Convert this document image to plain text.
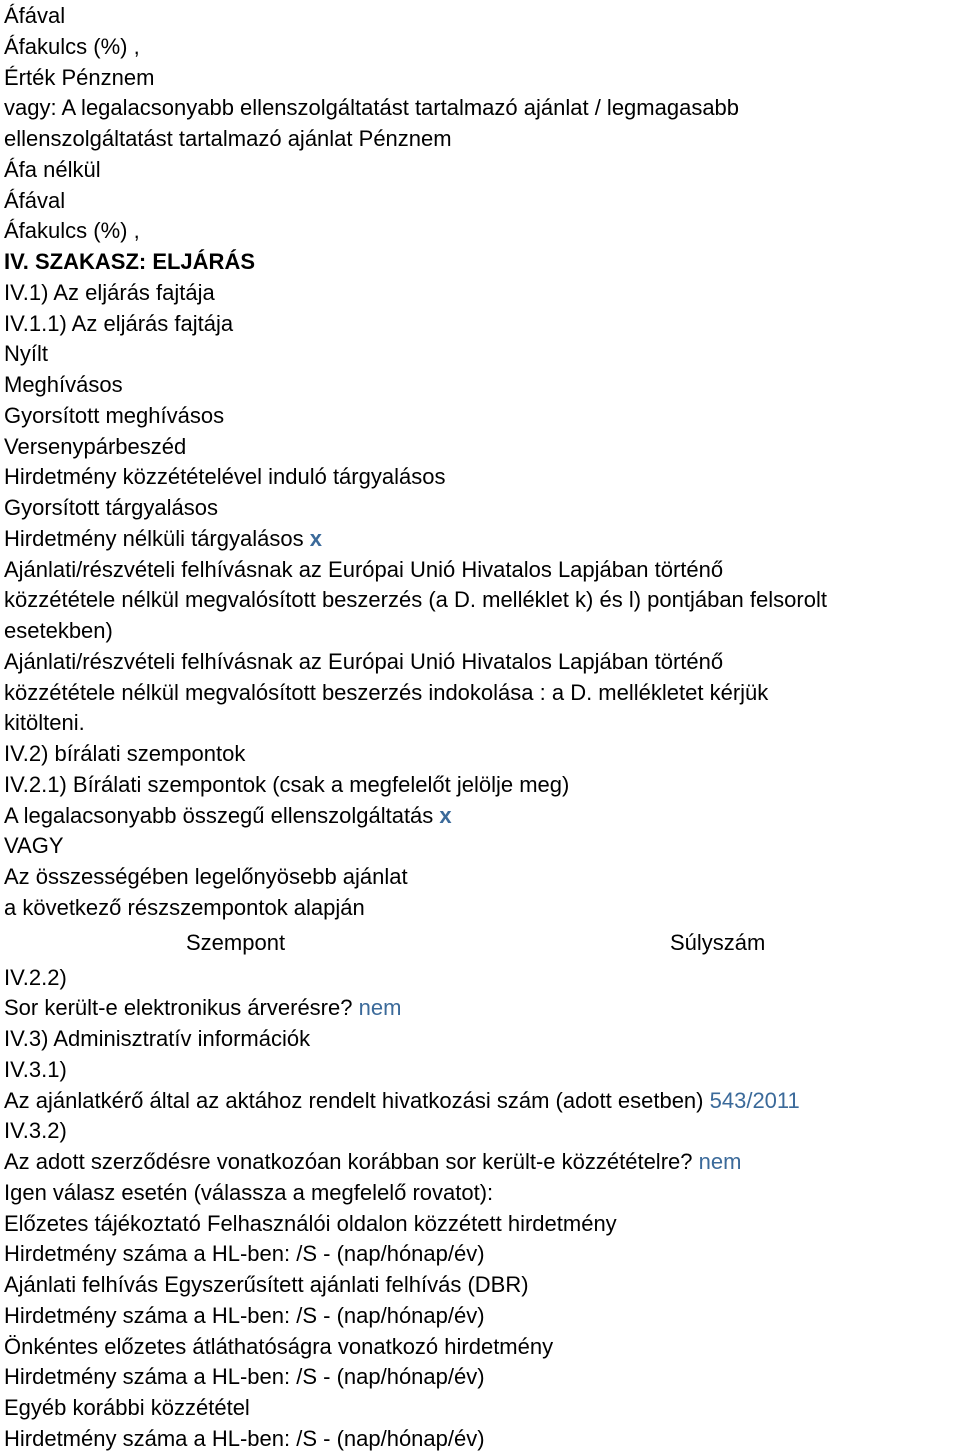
Áfával
Áfakulcs (%) ,
Érték Pénznem
vagy: A legalacsonyabb ellenszolgáltatást tartalmazó ajánlat / legmagasabb
ellenszolgáltatást tartalmazó ajánlat Pénznem
Áfa nélkül
Áfával
Áfakulcs (%) ,
IV. SZAKASZ: ELJÁRÁS
IV.1) Az eljárás fajtája
IV.1.1) Az eljárás fajtája
Nyílt
Meghívásos
Gyorsított meghívásos
Versenypárbeszéd
Hirdetmény közzétételével induló tárgyalásos
Gyorsított tárgyalásos
Hirdetmény nélküli tárgyalásos x
Ajánlati/részvételi felhívásnak az Európai Unió Hivatalos Lapjában történő
közzététele nélkül megvalósított beszerzés (a D. melléklet k) és l) pontjában felsorolt
esetekben)
Ajánlati/részvételi felhívásnak az Európai Unió Hivatalos Lapjában történő
közzététele nélkül megvalósított beszerzés indokolása : a D. mellékletet kérjük
kitölteni.
IV.2) bírálati szempontok
IV.2.1) Bírálati szempontok (csak a megfelelőt jelölje meg)
A legalacsonyabb összegű ellenszolgáltatás x
VAGY
Az összességében legelőnyösebb ajánlat
a következő részszempontok alapján
Szempont	Súlyszám
IV.2.2)
Sor került-e elektronikus árverésre? nem
IV.3) Adminisztratív információk
IV.3.1)
Az ajánlatkérő által az aktához rendelt hivatkozási szám (adott esetben) 543/2011
IV.3.2)
Az adott szerződésre vonatkozóan korábban sor került-e közzétételre? nem
Igen válasz esetén (válassza a megfelelő rovatot):
Előzetes tájékoztató Felhasználói oldalon közzétett hirdetmény
Hirdetmény száma a HL-ben: /S - (nap/hónap/év)
Ajánlati felhívás Egyszerűsített ajánlati felhívás (DBR)
Hirdetmény száma a HL-ben: /S - (nap/hónap/év)
Önkéntes előzetes átláthatóságra vonatkozó hirdetmény
Hirdetmény száma a HL-ben: /S - (nap/hónap/év)
Egyéb korábbi közzététel
Hirdetmény száma a HL-ben: /S - (nap/hónap/év)
